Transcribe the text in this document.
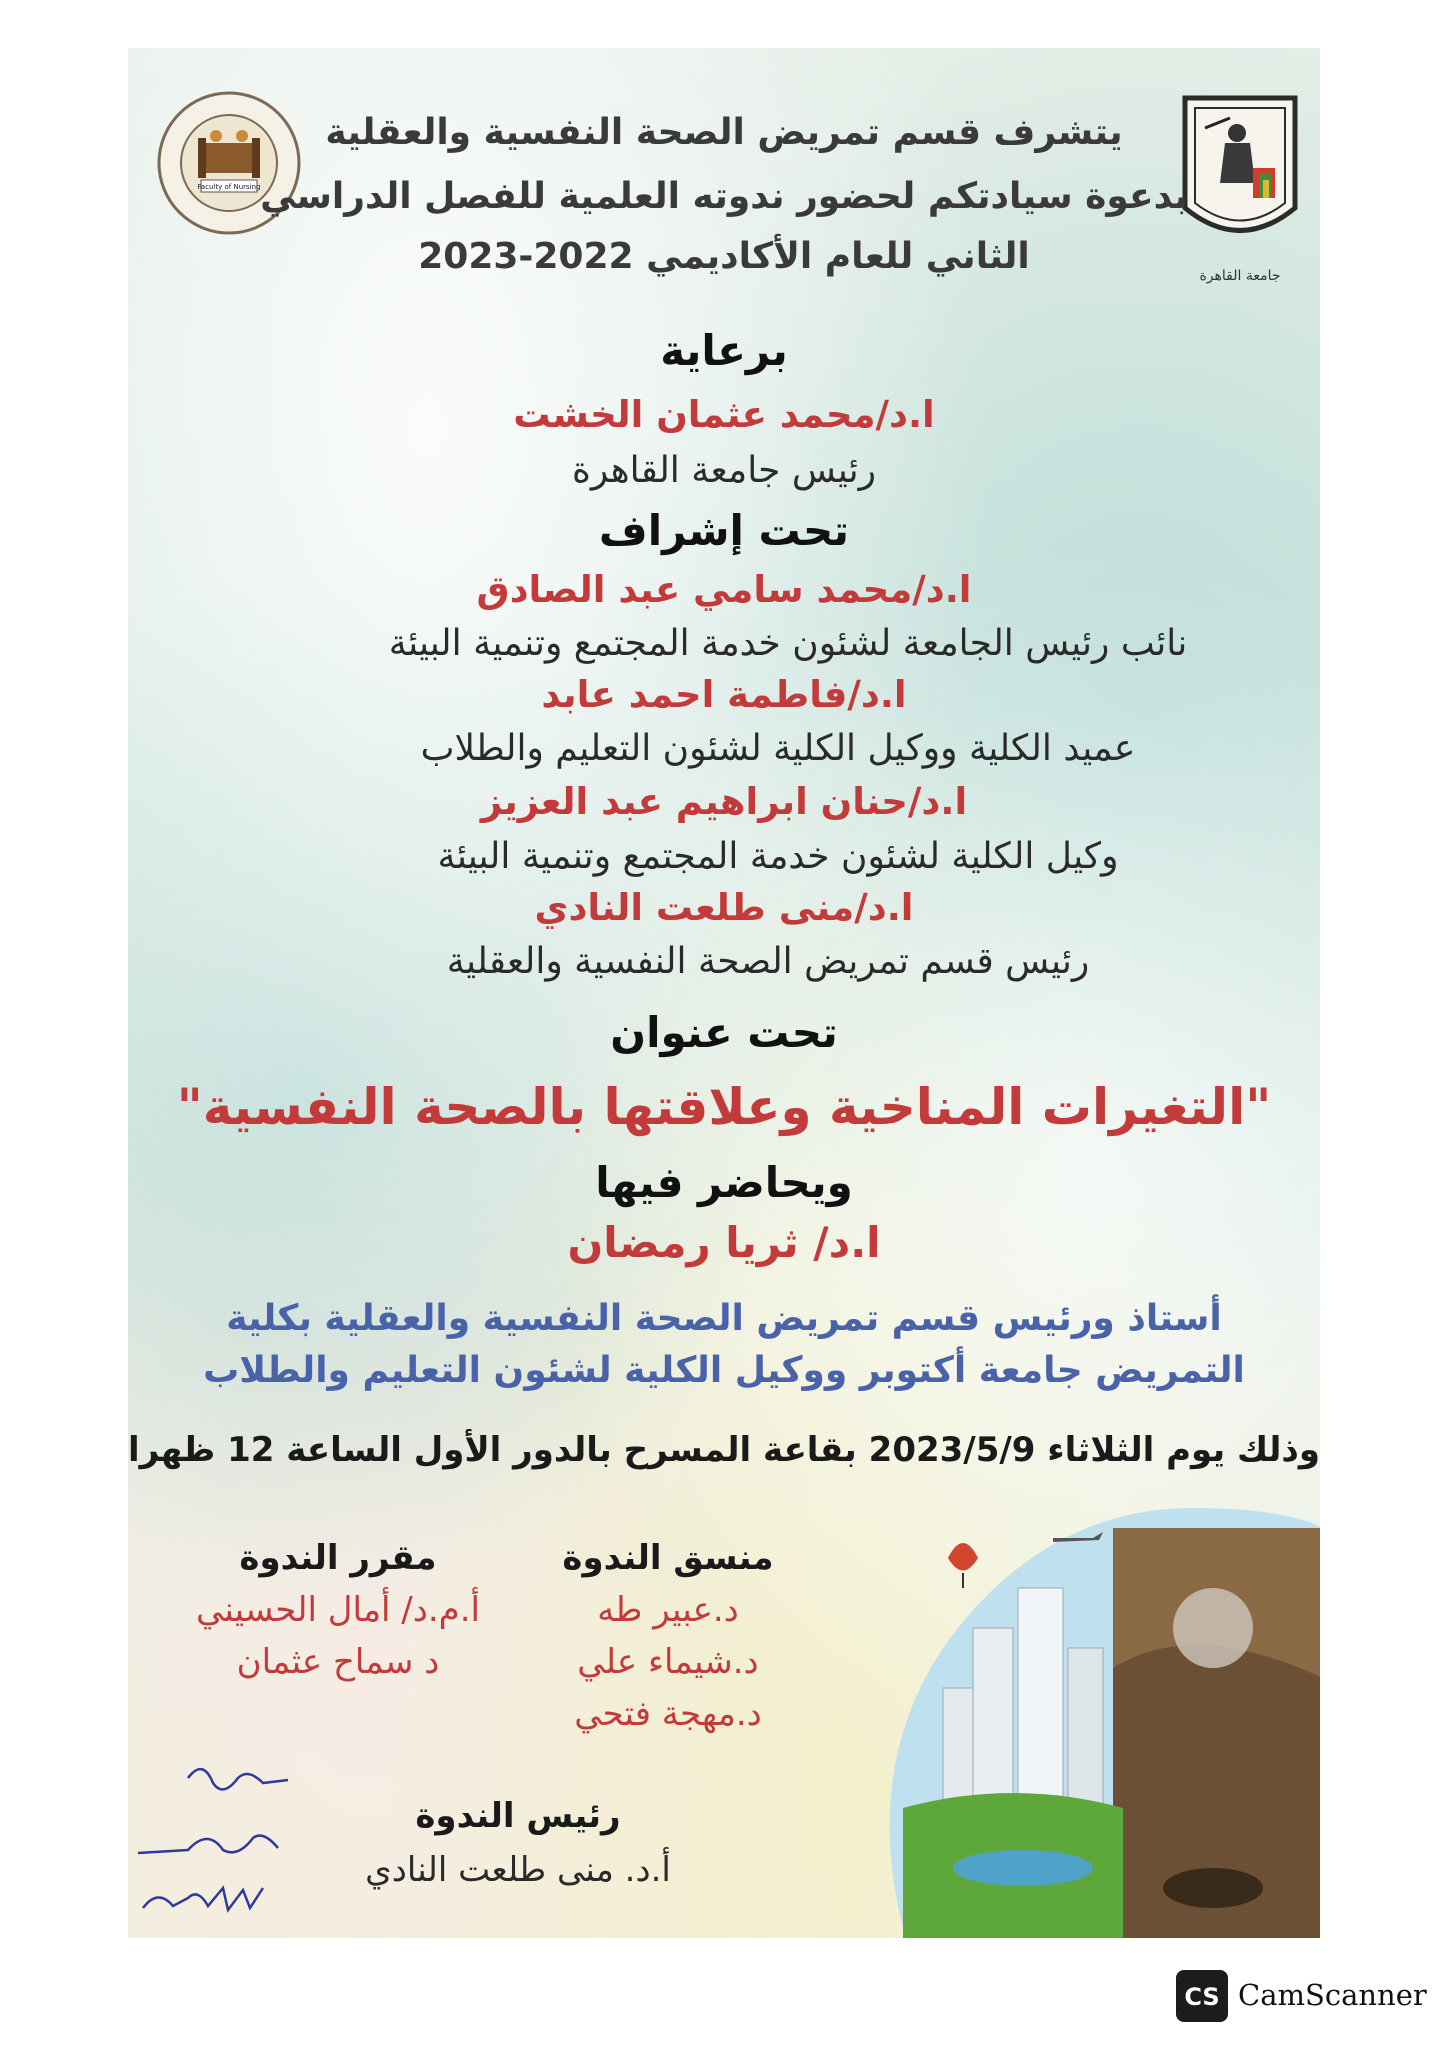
Faculty of Nursing
جامعة القاهرة
يتشرف قسم تمريض الصحة النفسية والعقلية
بدعوة سيادتكم لحضور ندوته العلمية للفصل الدراسي
الثاني للعام الأكاديمي 2022-2023
برعاية
ا.د/محمد عثمان الخشت
رئيس جامعة القاهرة
تحت إشراف
ا.د/محمد سامي عبد الصادق
نائب رئيس الجامعة لشئون خدمة المجتمع وتنمية البيئة
ا.د/فاطمة احمد عابد
عميد الكلية ووكيل الكلية لشئون التعليم والطلاب
ا.د/حنان ابراهيم عبد العزيز
وكيل الكلية لشئون خدمة المجتمع وتنمية البيئة
ا.د/منى طلعت النادي
رئيس قسم تمريض الصحة النفسية والعقلية
تحت عنوان
"التغيرات المناخية وعلاقتها بالصحة النفسية"
ويحاضر فيها
ا.د/ ثريا رمضان
أستاذ ورئيس قسم تمريض الصحة النفسية والعقلية بكلية
التمريض جامعة أكتوبر ووكيل الكلية لشئون التعليم والطلاب
وذلك يوم الثلاثاء 2023/5/9 بقاعة المسرح بالدور الأول الساعة 12 ظهرا
منسق الندوة
د.عبير طه
د.شيماء علي
د.مهجة فتحي
مقرر الندوة
أ.م.د/ أمال الحسيني
د سماح عثمان
رئيس الندوة
أ.د. منى طلعت النادي
CS CamScanner
